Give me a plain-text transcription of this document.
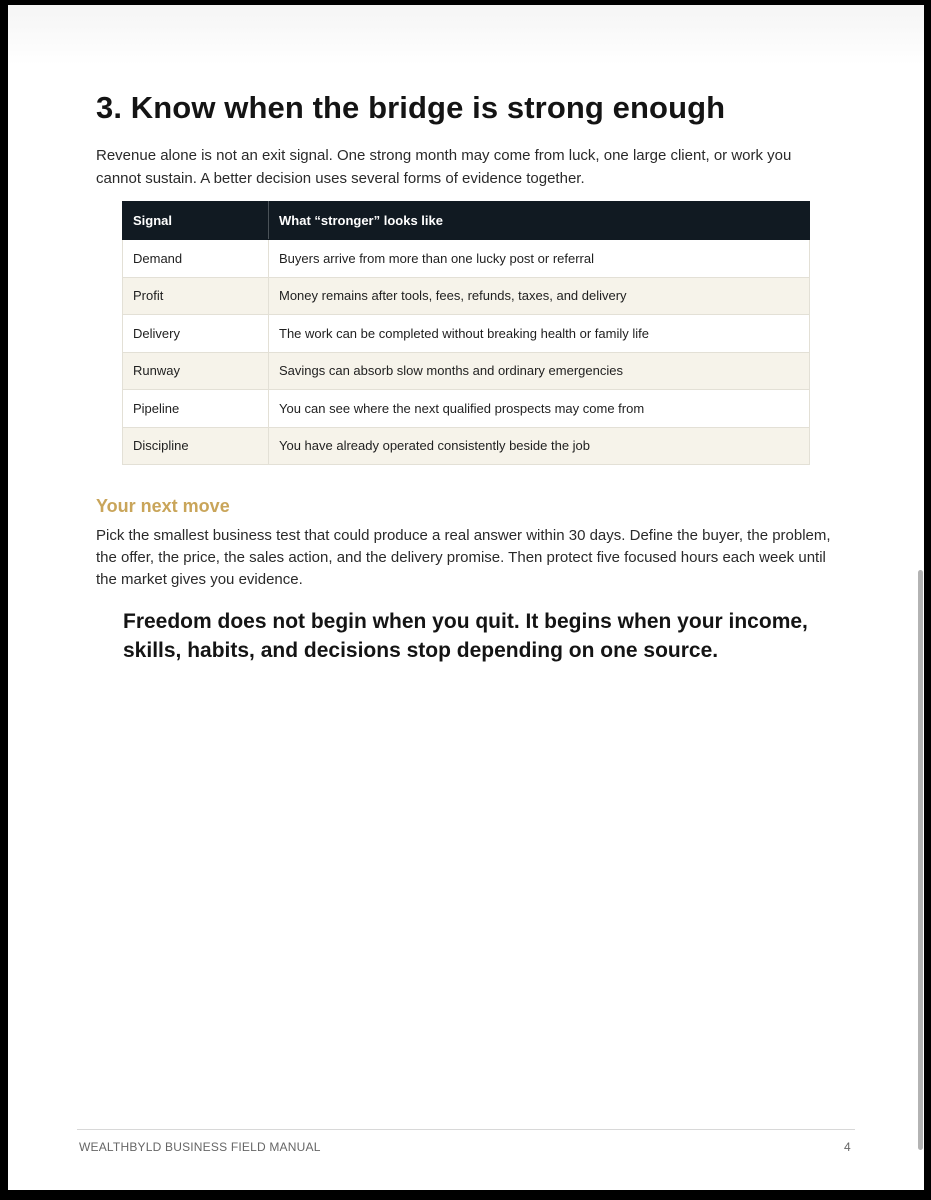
3. Know when the bridge is strong enough

Revenue alone is not an exit signal. One strong month may come from luck, one large client, or work you cannot sustain. A better decision uses several forms of evidence together.

Signal	What “stronger” looks like
Demand	Buyers arrive from more than one lucky post or referral
Profit	Money remains after tools, fees, refunds, taxes, and delivery
Delivery	The work can be completed without breaking health or family life
Runway	Savings can absorb slow months and ordinary emergencies
Pipeline	You can see where the next qualified prospects may come from
Discipline	You have already operated consistently beside the job
Your next move

Pick the smallest business test that could produce a real answer within 30 days. Define the buyer, the problem, the offer, the price, the sales action, and the delivery promise. Then protect five focused hours each week until the market gives you evidence.

Freedom does not begin when you quit. It begins when your income, skills, habits, and decisions stop depending on one source.

WEALTHBYLD BUSINESS FIELD MANUAL	4
